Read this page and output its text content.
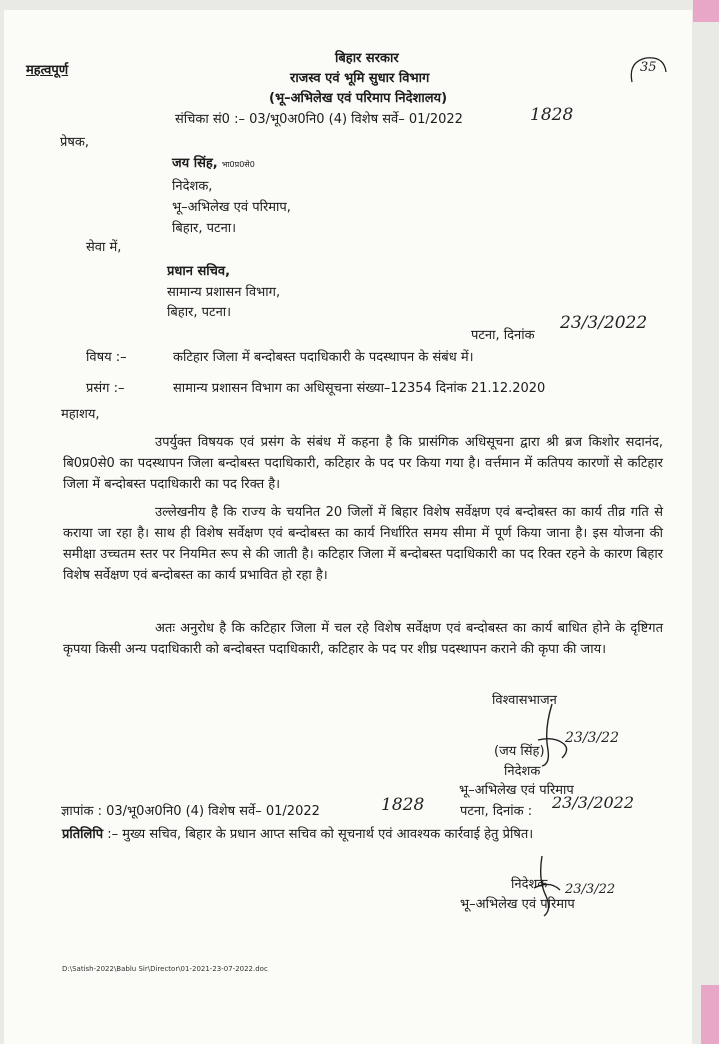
महत्वपूर्ण
बिहार सरकार
राजस्व एवं भूमि सुधार विभाग
(भू–अभिलेख एवं परिमाप निदेशालय)
35
संचिका सं0 :– 03/भू0अ0नि0 (4) विशेष सर्वे– 01/2022	1828
प्रेषक,
जय सिंह, भा0प्र0से0
निदेशक,
भू–अभिलेख एवं परिमाप,
बिहार, पटना।
सेवा में,
प्रधान सचिव,
सामान्य प्रशासन विभाग,
बिहार, पटना।
पटना, दिनांक
23/3/2022
विषय :–	कटिहार जिला में बन्दोबस्त पदाधिकारी के पदस्थापन के संबंध में।
प्रसंग :–	सामान्य प्रशासन विभाग का अधिसूचना संख्या–12354 दिनांक 21.12.2020
महाशय,

उपर्युक्त विषयक एवं प्रसंग के संबंध में कहना है कि प्रासंगिक अधिसूचना द्वारा श्री ब्रज किशोर सदानंद, बि0प्र0से0 का पदस्थापन जिला बन्दोबस्त पदाधिकारी, कटिहार के पद पर किया गया है। वर्त्तमान में कतिपय कारणों से कटिहार जिला में बन्दोबस्त पदाधिकारी का पद रिक्त है।

उल्लेखनीय है कि राज्य के चयनित 20 जिलों में बिहार विशेष सर्वेक्षण एवं बन्दोबस्त का कार्य तीव्र गति से कराया जा रहा है। साथ ही विशेष सर्वेक्षण एवं बन्दोबस्त का कार्य निर्धारित समय सीमा में पूर्ण किया जाना है। इस योजना की समीक्षा उच्चतम स्तर पर नियमित रूप से की जाती है। कटिहार जिला में बन्दोबस्त पदाधिकारी का पद रिक्त रहने के कारण बिहार विशेष सर्वेक्षण एवं बन्दोबस्त का कार्य प्रभावित हो रहा है।

अतः अनुरोध है कि कटिहार जिला में चल रहे विशेष सर्वेक्षण एवं बन्दोबस्त का कार्य बाधित होने के दृष्टिगत कृपया किसी अन्य पदाधिकारी को बन्दोबस्त पदाधिकारी, कटिहार के पद पर शीघ्र पदस्थापन कराने की कृपा की जाय।

विश्वासभाजन
23/3/22
(जय सिंह)
निदेशक
भू–अभिलेख एवं परिमाप
ज्ञापांक : 03/भू0अ0नि0 (4) विशेष सर्वे– 01/2022	1828	पटना, दिनांक : 23/3/2022

प्रतिलिपि :– मुख्य सचिव, बिहार के प्रधान आप्त सचिव को सूचनार्थ एवं आवश्यक कार्रवाई हेतु प्रेषित।

निदेशक
भू–अभिलेख एवं परिमाप
23/3/22
D:\Satish-2022\Bablu Sir\Director\01-2021-23-07-2022.doc
